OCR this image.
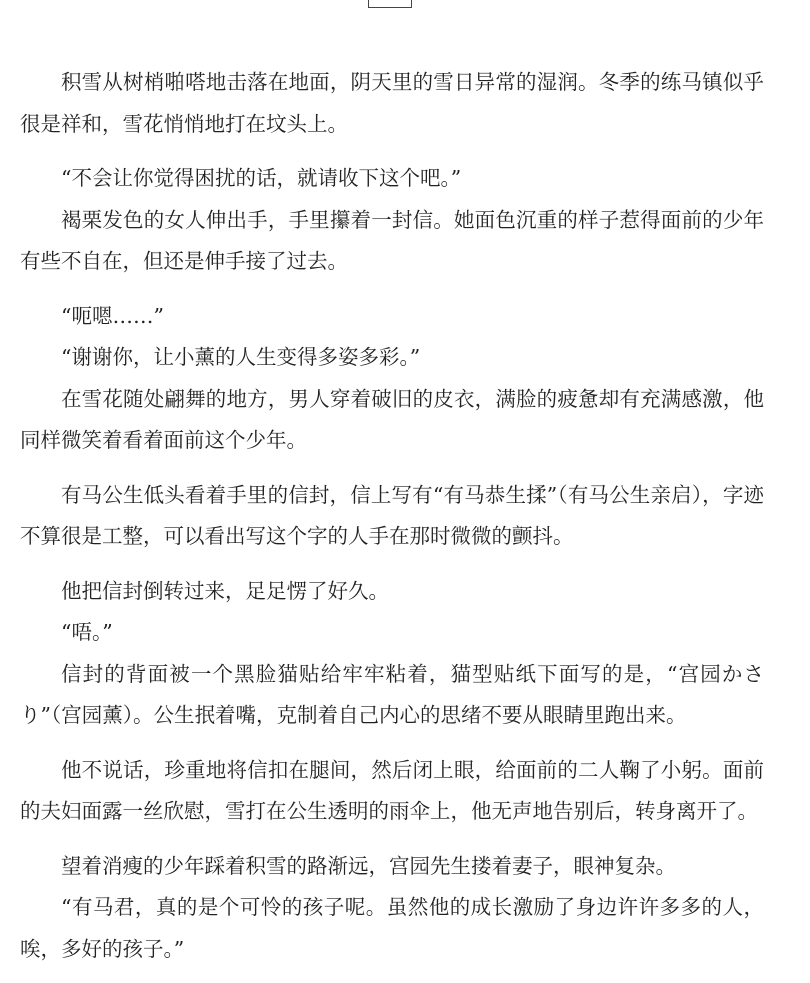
积雪从树梢啪嗒地击落在地面，阴天里的雪日异常的湿润。冬季的练马镇似乎很是祥和，雪花悄悄地打在坟头上。

“不会让你觉得困扰的话，就请收下这个吧。”

褐栗发色的女人伸出手，手里攥着一封信。她面色沉重的样子惹得面前的少年有些不自在，但还是伸手接了过去。

“呃嗯……”

“谢谢你，让小薰的人生变得多姿多彩。”

在雪花随处翩舞的地方，男人穿着破旧的皮衣，满脸的疲惫却有充满感激，他同样微笑着看着面前这个少年。

有马公生低头看着手里的信封，信上写有“有马恭生揉”（有马公生亲启），字迹不算很是工整，可以看出写这个字的人手在那时微微的颤抖。

他把信封倒转过来，足足愣了好久。

“唔。”

信封的背面被一个黑脸猫贴给牢牢粘着，猫型贴纸下面写的是，“宫园かさり”（宫园薰）。公生抿着嘴，克制着自己内心的思绪不要从眼睛里跑出来。

他不说话，珍重地将信扣在腿间，然后闭上眼，给面前的二人鞠了小躬。面前的夫妇面露一丝欣慰，雪打在公生透明的雨伞上，他无声地告别后，转身离开了。

望着消瘦的少年踩着积雪的路渐远，宫园先生搂着妻子，眼神复杂。

“有马君，真的是个可怜的孩子呢。虽然他的成长激励了身边许许多多的人，唉，多好的孩子。”
